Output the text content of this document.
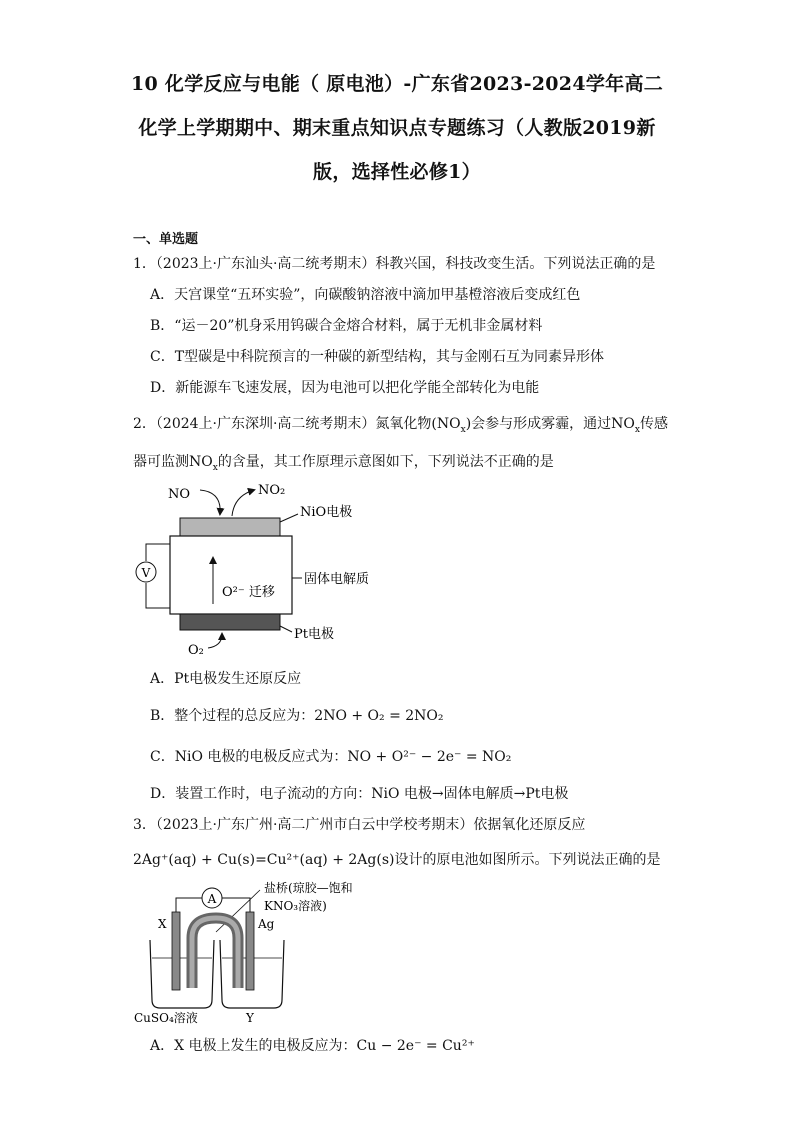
10 化学反应与电能（ 原电池）-广东省2023-2024学年高二
化学上学期期中、期末重点知识点专题练习（人教版2019新
版，选择性必修1）
一、单选题
1．（2023上·广东汕头·高二统考期末）科教兴国，科技改变生活。下列说法正确的是
A．天宫课堂“五环实验”，向碳酸钠溶液中滴加甲基橙溶液后变成红色
B．“运－20”机身采用钨碳合金熔合材料，属于无机非金属材料
C．T型碳是中科院预言的一种碳的新型结构，其与金刚石互为同素异形体
D．新能源车飞速发展，因为电池可以把化学能全部转化为电能
2．（2024上·广东深圳·高二统考期末）氮氧化物$(NO_x)$会参与形成雾霾，通过$NO_x$传感
器可监测$NO_x$的含量，其工作原理示意图如下，下列说法不正确的是
V
NO	NO₂
NiO电极
O²⁻ 迁移
固体电解质
Pt电极
O₂
A．Pt电极发生还原反应
B．整个过程的总反应为：2NO + O₂ = 2NO₂
C．NiO 电极的电极反应式为：NO + O²⁻ − 2e⁻ = NO₂
D．装置工作时，电子流动的方向：NiO 电极→固体电解质→Pt电极
3．（2023上·广东广州·高二广州市白云中学校考期末）依据氧化还原反应
2Ag⁺(aq) + Cu(s)=Cu²⁺(aq) + 2Ag(s)设计的原电池如图所示。下列说法正确的是
A
盐桥(琼胶—饱和
KNO₃溶液)
X	Ag
CuSO₄溶液	Y
A．X 电极上发生的电极反应为：Cu − 2e⁻ = Cu²⁺
